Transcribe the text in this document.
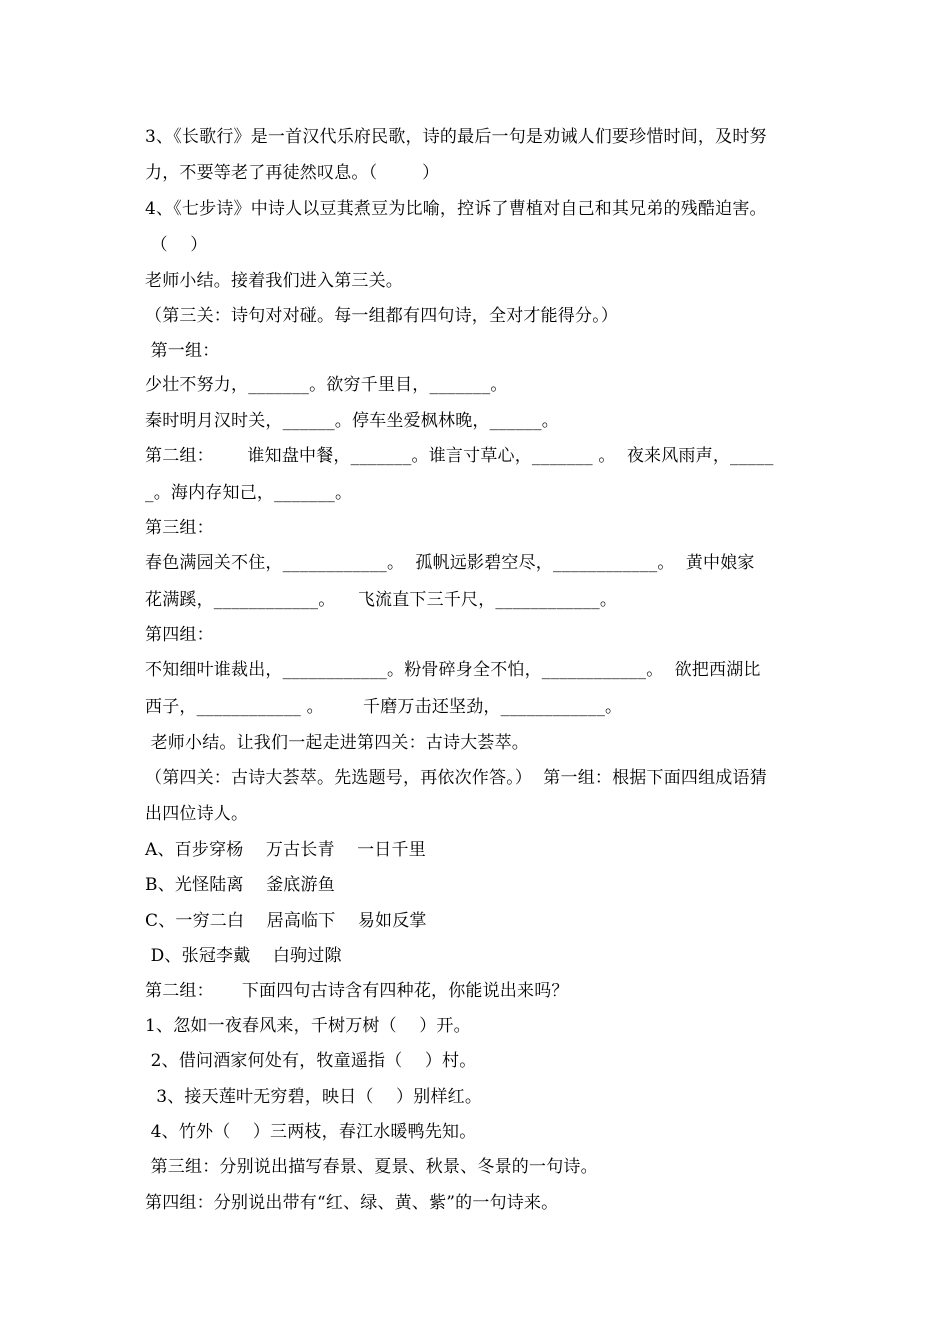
3、《长歌行》是一首汉代乐府民歌，诗的最后一句是劝诫人们要珍惜时间，及时努
力，不要等老了再徒然叹息。（        ）
4、《七步诗》中诗人以豆萁煮豆为比喻，控诉了曹植对自己和其兄弟的残酷迫害。
（    ）
老师小结。接着我们进入第三关。
（第三关：诗句对对碰。每一组都有四句诗，全对才能得分。）
第一组：
少壮不努力，_______。欲穷千里目，_______。
秦时明月汉时关，______。停车坐爱枫林晚，______。
第二组：      谁知盘中餐，_______。谁言寸草心，_______ 。  夜来风雨声，_____
_。海内存知己，_______。
第三组：
春色满园关不住，____________。  孤帆远影碧空尽，____________。  黄中娘家
花满蹊，____________。    飞流直下三千尺，____________。
第四组：
不知细叶谁裁出，____________。粉骨碎身全不怕，____________。  欲把西湖比
西子，____________ 。       千磨万击还坚劲，____________。
老师小结。让我们一起走进第四关：古诗大荟萃。
（第四关：古诗大荟萃。先选题号，再依次作答。）  第一组：根据下面四组成语猜
出四位诗人。
A、百步穿杨    万古长青    一日千里
B、光怪陆离    釜底游鱼
C、一穷二白    居高临下    易如反掌
D、张冠李戴    白驹过隙
第二组：     下面四句古诗含有四种花，你能说出来吗？
1、忽如一夜春风来，千树万树（    ）开。
2、借问酒家何处有，牧童遥指（    ）村。
3、接天莲叶无穷碧，映日（    ）别样红。
4、竹外（    ）三两枝，春江水暖鸭先知。
第三组：分别说出描写春景、夏景、秋景、冬景的一句诗。
第四组：分别说出带有“红、绿、黄、紫”的一句诗来。
